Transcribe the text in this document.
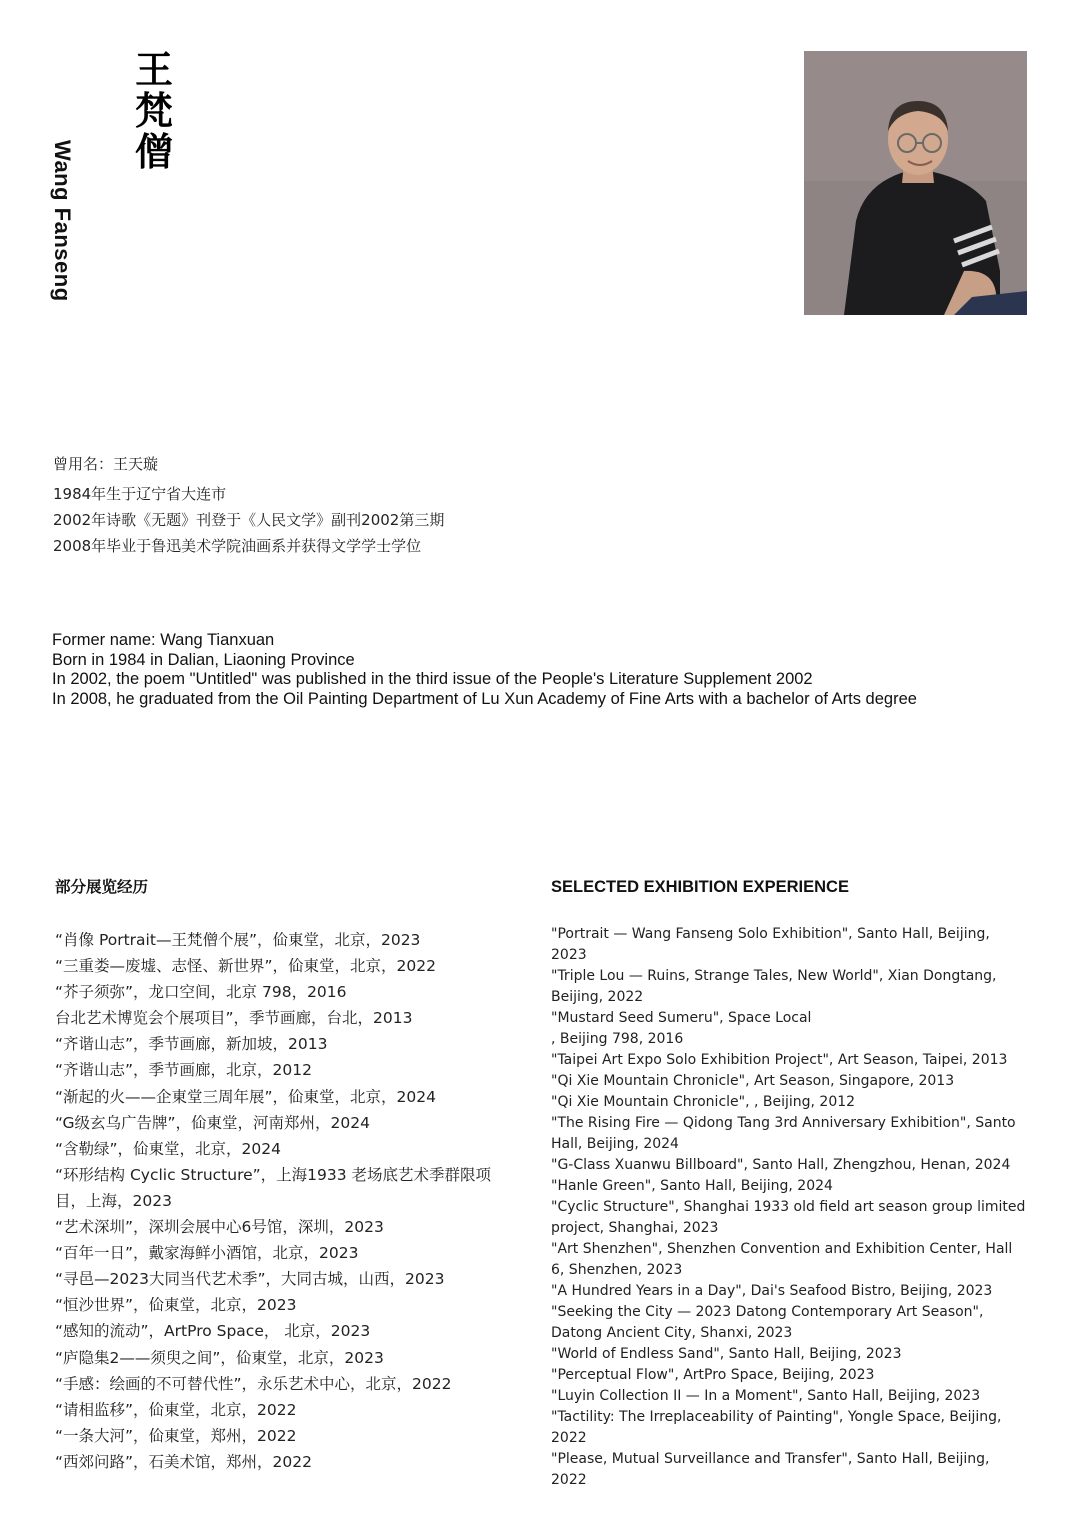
王
梵
僧
Wang Fanseng
曾用名：王天璇
1984年生于辽宁省大连市
2002年诗歌《无题》刊登于《人民文学》副刊2002第三期
2008年毕业于鲁迅美术学院油画系并获得文学学士学位
Former name: Wang Tianxuan
Born in 1984 in Dalian, Liaoning Province
In 2002, the poem "Untitled" was published in the third issue of the People's Literature Supplement 2002
In 2008, he graduated from the Oil Painting Department of Lu Xun Academy of Fine Arts with a bachelor of Arts degree
部分展览经历
“肖像 Portrait—王梵僧个展”，佡東堂，北京，2023
“三重娄—废墟、志怪、新世界”，佡東堂，北京，2022
“芥子须弥”，龙口空间，北京 798，2016
台北艺术博览会个展项目”，季节画廊，台北，2013
“齐谐山志”，季节画廊，新加坡，2013
“齐谐山志”，季节画廊，北京，2012
“渐起的火——企東堂三周年展”，佡東堂，北京，2024
“G级玄乌广告牌”，佡東堂，河南郑州，2024
“含勒绿”，佡東堂，北京，2024
“环形结构 Cyclic Structure”，上海1933 老场底艺术季群限项
目，上海，2023
“艺术深圳”，深圳会展中心6号馆，深圳，2023
“百年一日”，戴家海鲜小酒馆，北京，2023
“寻邑—2023大同当代艺术季”，大同古城，山西，2023
“恒沙世界”，佡東堂，北京，2023
“感知的流动”，ArtPro Space， 北京，2023
“庐隐集2——须臾之间”，佡東堂，北京，2023
“手感：绘画的不可替代性”，永乐艺术中心，北京，2022
“请相监移”，佡東堂，北京，2022
“一条大河”，佡東堂，郑州，2022
“西郊问路”，石美术馆，郑州，2022
SELECTED EXHIBITION EXPERIENCE
"Portrait — Wang Fanseng Solo Exhibition", Santo Hall, Beijing,
2023
"Triple Lou — Ruins, Strange Tales, New World", Xian Dongtang,
Beijing, 2022
"Mustard Seed Sumeru", Space Local
, Beijing 798, 2016
"Taipei Art Expo Solo Exhibition Project", Art Season, Taipei, 2013
"Qi Xie Mountain Chronicle", Art Season, Singapore, 2013
"Qi Xie Mountain Chronicle", , Beijing, 2012
"The Rising Fire — Qidong Tang 3rd Anniversary Exhibition", Santo
Hall, Beijing, 2024
"G-Class Xuanwu Billboard", Santo Hall, Zhengzhou, Henan, 2024
"Hanle Green", Santo Hall, Beijing, 2024
"Cyclic Structure", Shanghai 1933 old field art season group limited
project, Shanghai, 2023
"Art Shenzhen", Shenzhen Convention and Exhibition Center, Hall
6, Shenzhen, 2023
"A Hundred Years in a Day", Dai's Seafood Bistro, Beijing, 2023
"Seeking the City — 2023 Datong Contemporary Art Season",
Datong Ancient City, Shanxi, 2023
"World of Endless Sand", Santo Hall, Beijing, 2023
"Perceptual Flow", ArtPro Space, Beijing, 2023
"Luyin Collection II — In a Moment", Santo Hall, Beijing, 2023
"Tactility: The Irreplaceability of Painting", Yongle Space, Beijing,
2022
"Please, Mutual Surveillance and Transfer", Santo Hall, Beijing,
2022
